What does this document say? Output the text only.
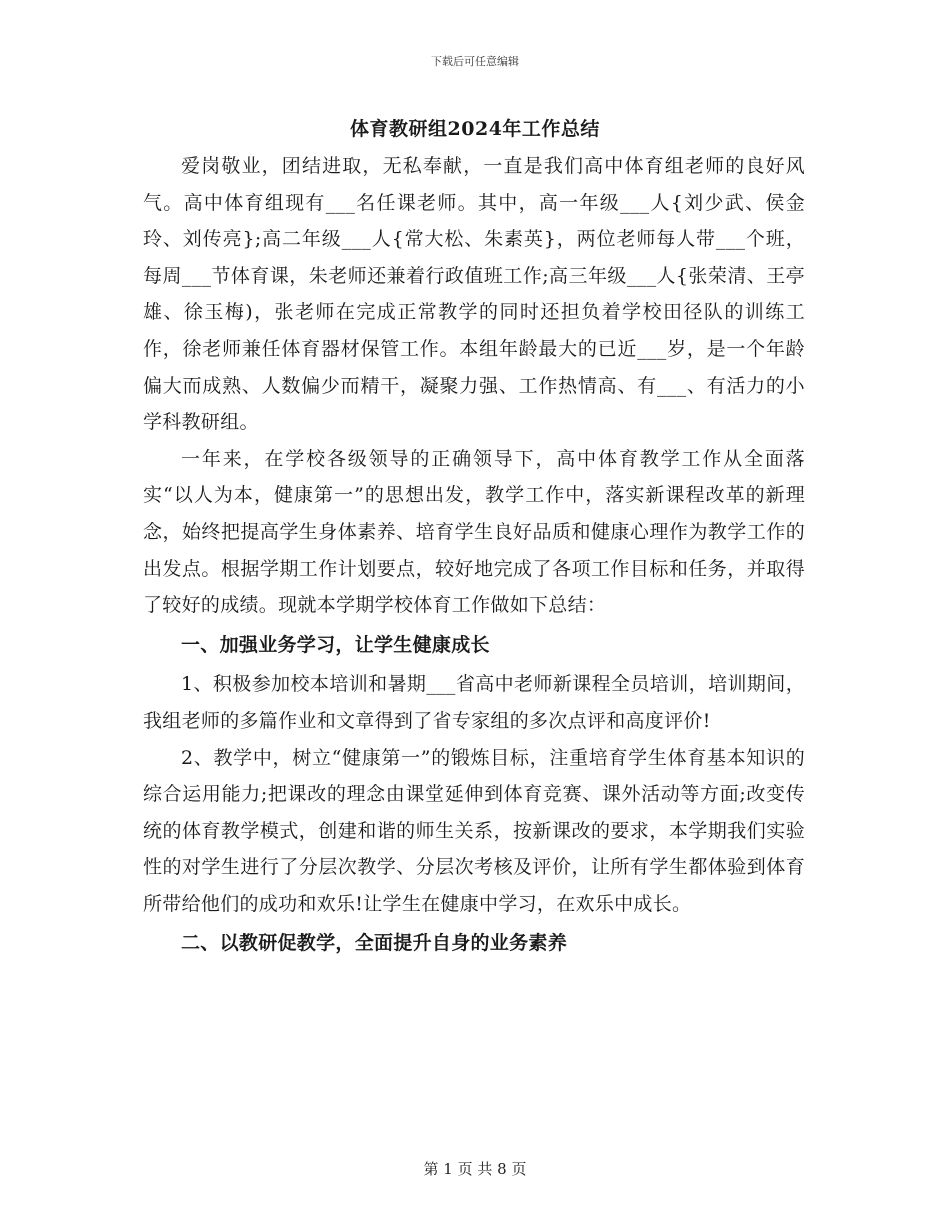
下载后可任意编辑
体育教研组2024年工作总结

爱岗敬业，团结进取，无私奉献，一直是我们高中体育组老师的良好风气。高中体育组现有___名任课老师。其中，高一年级___人{刘少武、侯金玲、刘传亮};高二年级___人{常大松、朱素英}，两位老师每人带___个班，每周___节体育课，朱老师还兼着行政值班工作;高三年级___人{张荣清、王亭雄、徐玉梅)，张老师在完成正常教学的同时还担负着学校田径队的训练工作，徐老师兼任体育器材保管工作。本组年龄最大的已近___岁，是一个年龄偏大而成熟、人数偏少而精干，凝聚力强、工作热情高、有___、有活力的小学科教研组。

一年来，在学校各级领导的正确领导下，高中体育教学工作从全面落实“以人为本，健康第一”的思想出发，教学工作中，落实新课程改革的新理念，始终把提高学生身体素养、培育学生良好品质和健康心理作为教学工作的出发点。根据学期工作计划要点，较好地完成了各项工作目标和任务，并取得了较好的成绩。现就本学期学校体育工作做如下总结：

一、加强业务学习，让学生健康成长

1、积极参加校本培训和暑期___省高中老师新课程全员培训，培训期间，我组老师的多篇作业和文章得到了省专家组的多次点评和高度评价!

2、教学中，树立“健康第一”的锻炼目标，注重培育学生体育基本知识的综合运用能力;把课改的理念由课堂延伸到体育竞赛、课外活动等方面;改变传统的体育教学模式，创建和谐的师生关系，按新课改的要求，本学期我们实验性的对学生进行了分层次教学、分层次考核及评价，让所有学生都体验到体育所带给他们的成功和欢乐!让学生在健康中学习，在欢乐中成长。

二、以教研促教学，全面提升自身的业务素养

第 1 页 共 8 页
